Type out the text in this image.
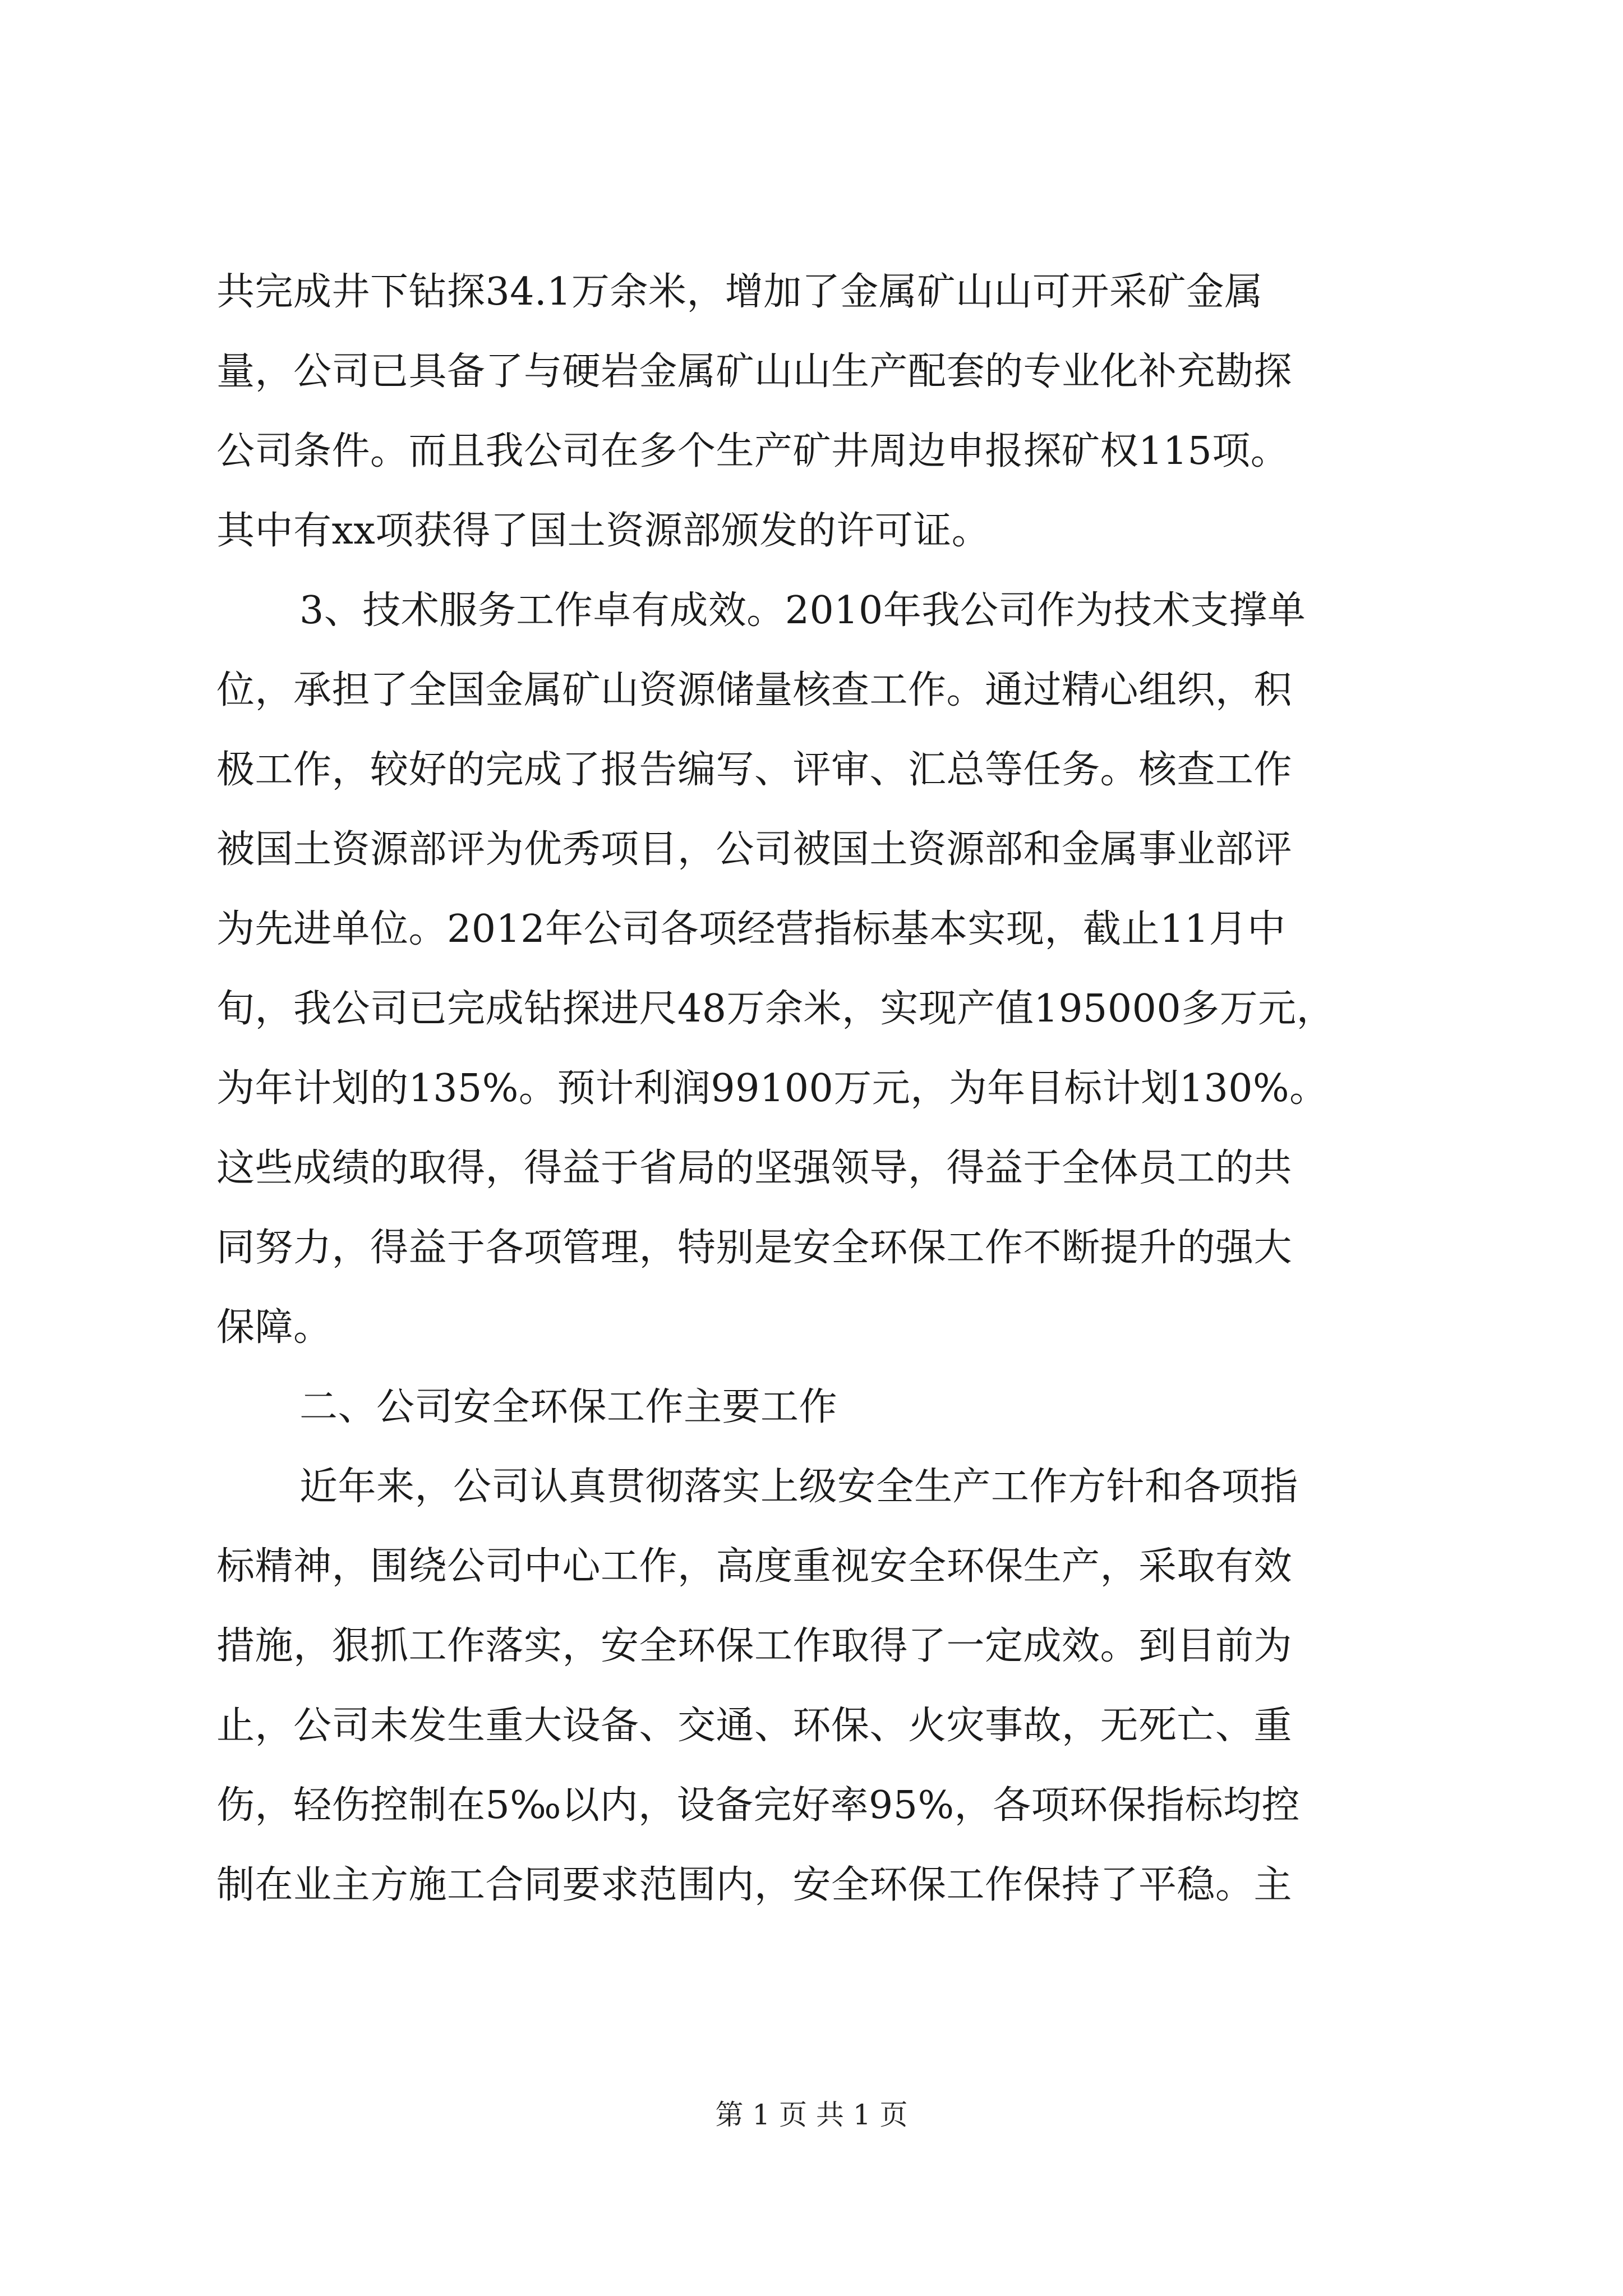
共完成井下钻探34.1万余米，增加了金属矿山山可开采矿金属
量，公司已具备了与硬岩金属矿山山生产配套的专业化补充勘探
公司条件。而且我公司在多个生产矿井周边申报探矿权115项。
其中有xx项获得了国土资源部颁发的许可证。
3、技术服务工作卓有成效。2010年我公司作为技术支撑单
位，承担了全国金属矿山资源储量核查工作。通过精心组织，积
极工作，较好的完成了报告编写、评审、汇总等任务。核查工作
被国土资源部评为优秀项目，公司被国土资源部和金属事业部评
为先进单位。2012年公司各项经营指标基本实现，截止11月中
旬，我公司已完成钻探进尺48万余米，实现产值195000多万元，
为年计划的135%。预计利润99100万元，为年目标计划130%。
这些成绩的取得，得益于省局的坚强领导，得益于全体员工的共
同努力，得益于各项管理，特别是安全环保工作不断提升的强大
保障。
二、公司安全环保工作主要工作
近年来，公司认真贯彻落实上级安全生产工作方针和各项指
标精神，围绕公司中心工作，高度重视安全环保生产，采取有效
措施，狠抓工作落实，安全环保工作取得了一定成效。到目前为
止，公司未发生重大设备、交通、环保、火灾事故，无死亡、重
伤，轻伤控制在5‰以内，设备完好率95%，各项环保指标均控
制在业主方施工合同要求范围内，安全环保工作保持了平稳。主
第 1 页 共 1 页
